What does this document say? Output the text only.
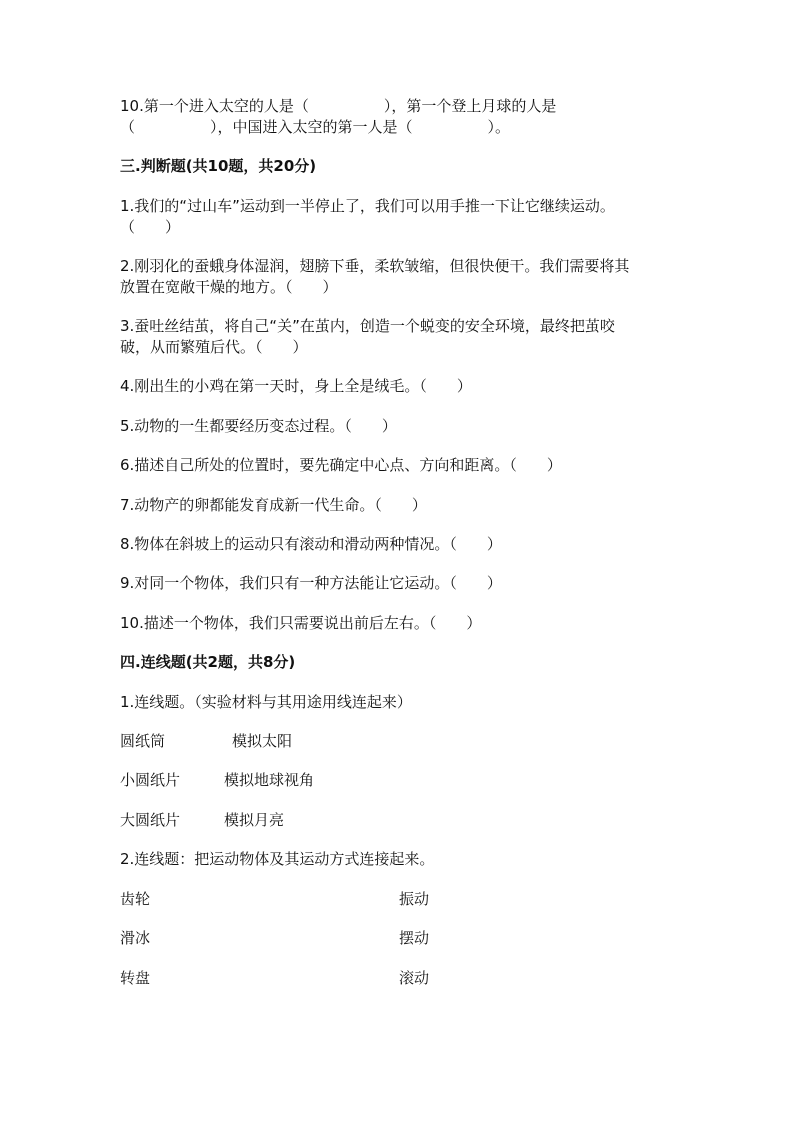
10.第一个进入太空的人是（　　　　　），第一个登上月球的人是
（　　　　　），中国进入太空的第一人是（　　　　　）。
三.判断题(共10题，共20分)
1.我们的“过山车”运动到一半停止了，我们可以用手推一下让它继续运动。
（　　）
2.刚羽化的蚕蛾身体湿润，翅膀下垂，柔软皱缩，但很快便干。我们需要将其
放置在宽敞干燥的地方。（　　）
3.蚕吐丝结茧，将自己“关”在茧内，创造一个蜕变的安全环境，最终把茧咬
破，从而繁殖后代。（　　）
4.刚出生的小鸡在第一天时，身上全是绒毛。（　　）
5.动物的一生都要经历变态过程。（　　）
6.描述自己所处的位置时，要先确定中心点、方向和距离。（　　）
7.动物产的卵都能发育成新一代生命。（　　）
8.物体在斜坡上的运动只有滚动和滑动两种情况。（　　）
9.对同一个物体，我们只有一种方法能让它运动。（　　）
10.描述一个物体，我们只需要说出前后左右。（　　）
四.连线题(共2题，共8分)
1.连线题。（实验材料与其用途用线连起来）
圆纸筒	模拟太阳
小圆纸片	模拟地球视角
大圆纸片	模拟月亮
2.连线题：把运动物体及其运动方式连接起来。
齿轮	振动
滑冰	摆动
转盘	滚动
